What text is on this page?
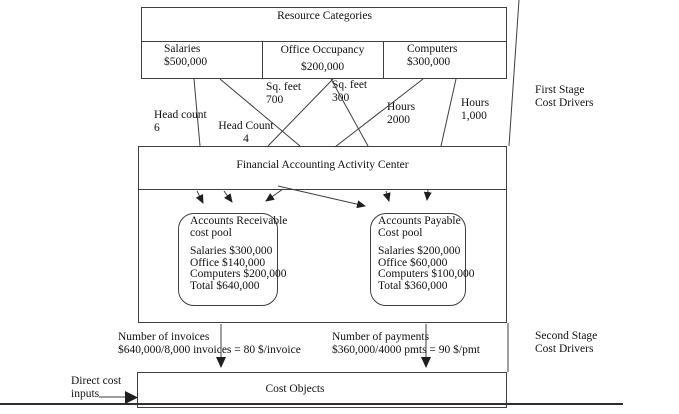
Resource Categories
Salaries
$500,000
Office Occupancy
$200,000
Computers
$300,000
Head count
6	Head Count
4
Sq. feet
700
Sq. feet
300
Hours
2000
Hours
1,000
First Stage Cost Drivers
Financial Accounting Activity Center
Accounts Receivable
cost pool
Salaries $300,000
Office $140,000
Computers $200,000
Total $640,000
Accounts Payable
Cost pool
Salaries $200,000
Office $60,000
Computers $100,000
Total $360,000
Number of invoices
$640,000/8,000 invoices = 80 $/invoice
Number of payments
$360,000/4000 pmts = 90 $/pmt
Second Stage Cost Drivers
Cost Objects
Direct cost inputs
